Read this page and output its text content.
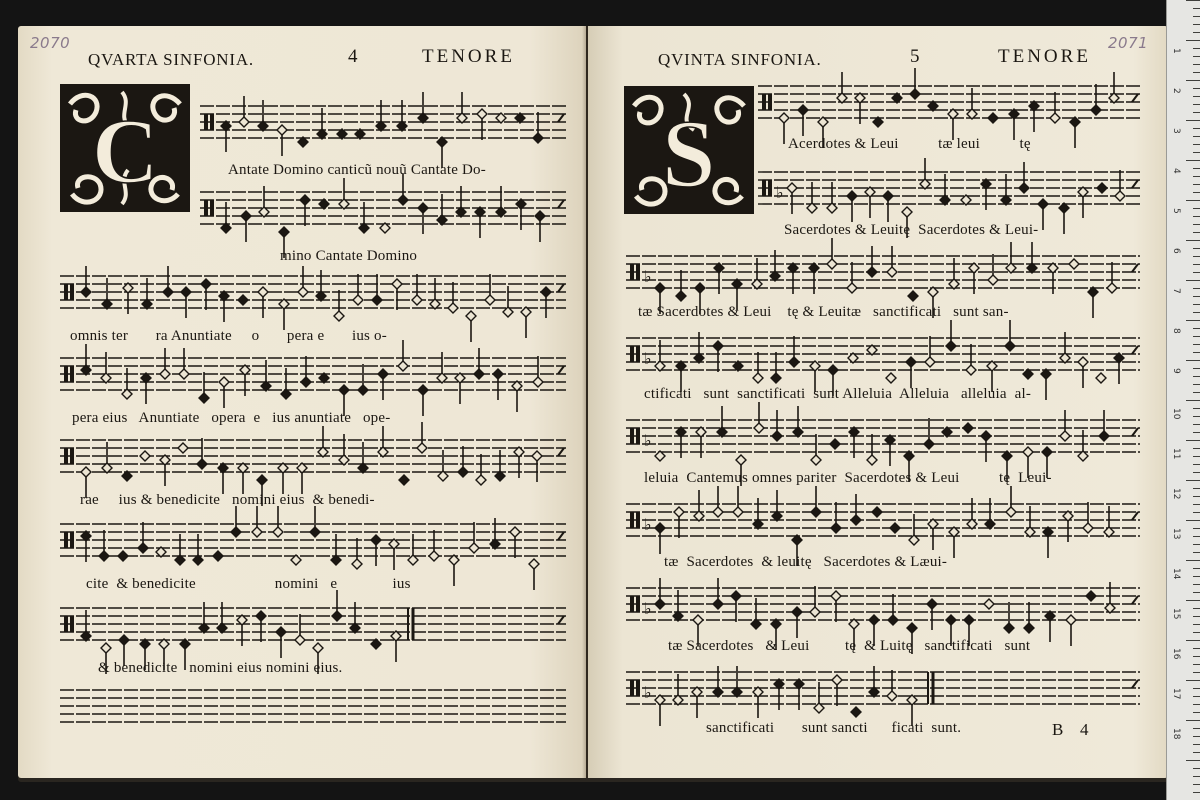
2070
QVARTA SINFONIA.	4	TENORE
C	Antate Domino canticũ nouũ Cantate Do-
mino Cantate Domino
omnis ter       ra Anuntiate     o       pera e       ius o-
pera eius   Anuntiate   opera  e   ius anuntiate   ope-
rae     ius & benedicite   nomini eius  & benedi-
cite  & benedicite                    nomini   e              ius
& benedicite   nomini eius nomini eius.
2071
QVINTA SINFONIA.	5	TENORE
S	♭
♭
♭
♭
♭
♭
♭
Acerdotes & Leui          tæ leui          tę
Sacerdotes & Leuitę  Sacerdotes & Leui-
tæ Sacerdotes & Leui    tę & Leuitæ   sanctificati   sunt san-
ctificati   sunt  sanctificati  sunt Alleluia  Alleluia   alleluia  al-
leluia  Cantemus omnes pariter  Sacerdotes & Leui          tę  Leui-
tæ  Sacerdotes  & leuitę   Sacerdotes & Læui-
tæ Sacerdotes   & Leui         tę  & Luitę   sanctificati   sunt
sanctificati       sunt sancti      ficati  sunt.	B 4
1
2
3
4
5
6
7
8
9
10
11
12
13
14
15
16
17
18
